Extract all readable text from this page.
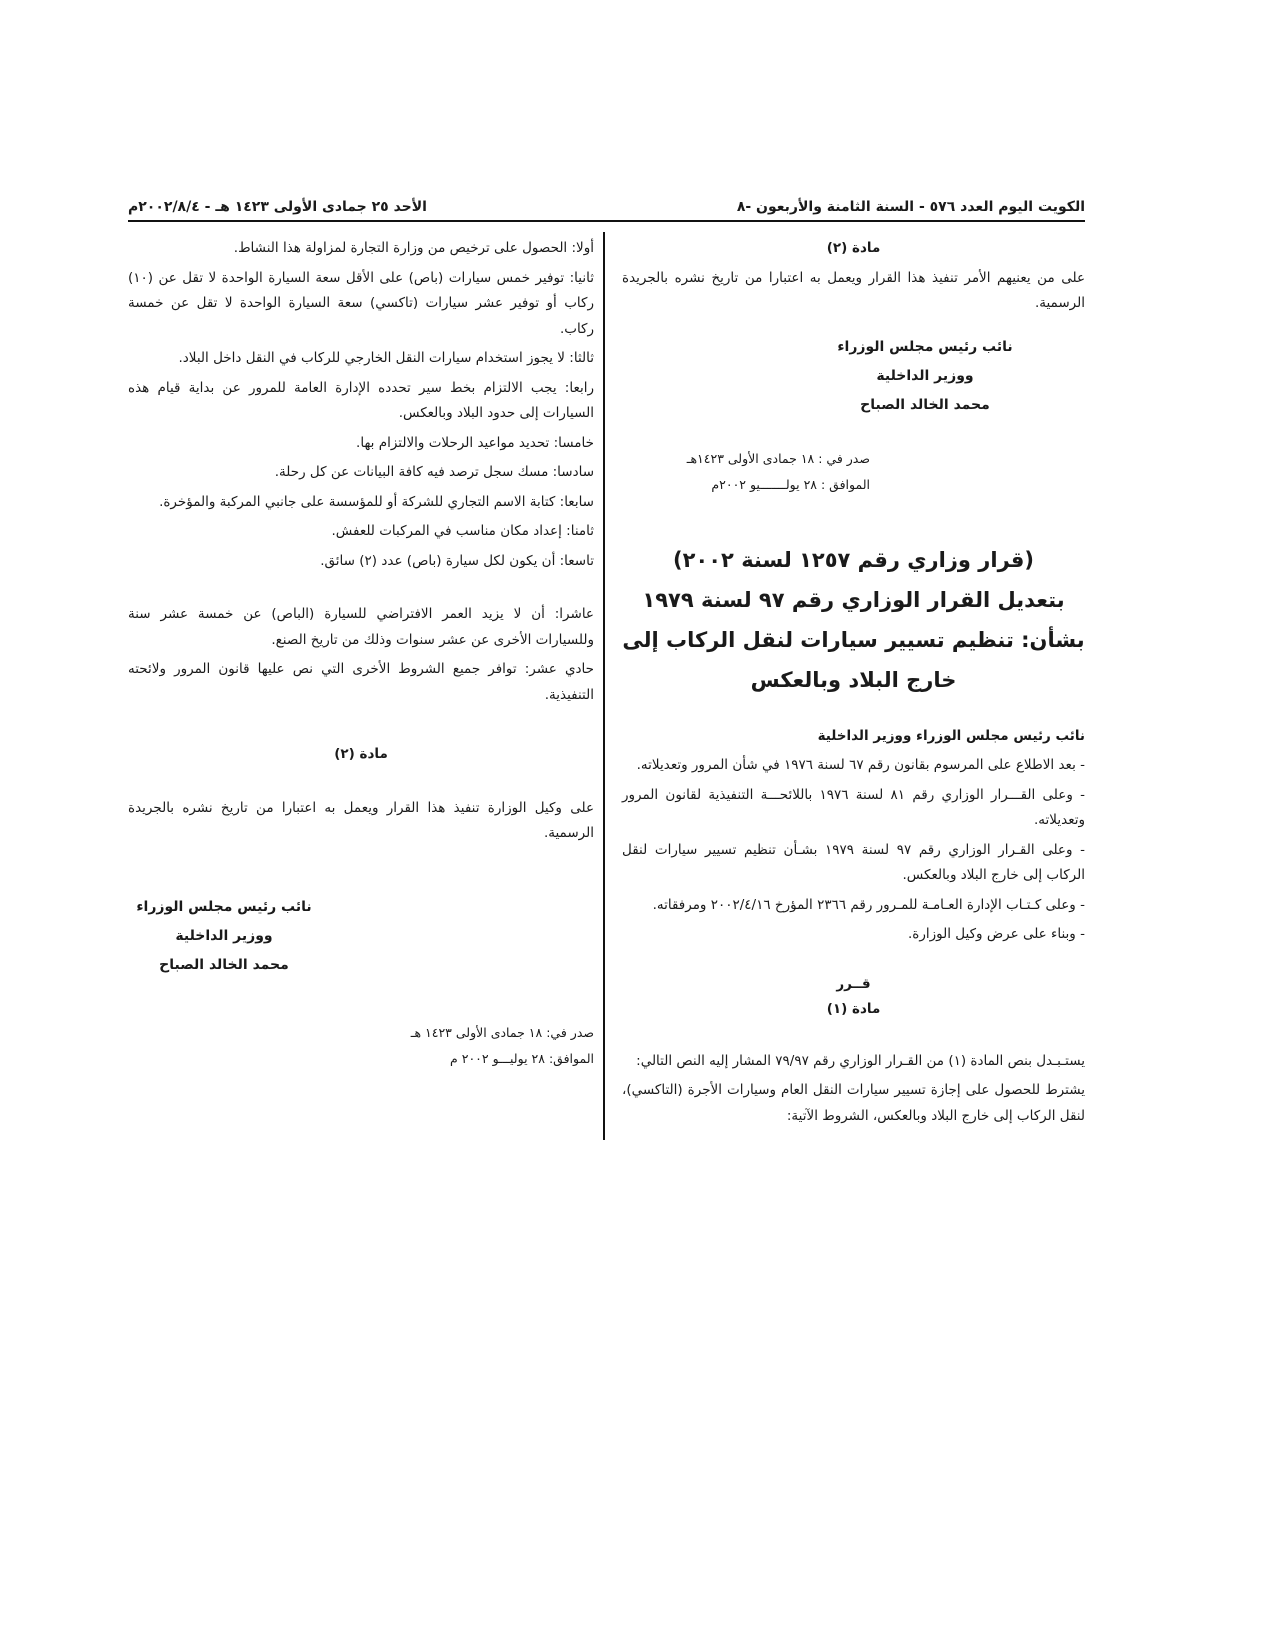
الكويت اليوم العدد ٥٧٦ - السنة الثامنة والأربعون -٨
الأحد ٢٥ جمادى الأولى ١٤٢٣ هـ - ٢٠٠٢/٨/٤م

مادة (٢)

على من يعنيهم الأمر تنفيذ هذا القرار ويعمل به اعتبارا من تاريخ نشره بالجريدة الرسمية.

نائب رئيس مجلس الوزراء

ووزير الداخلية

محمد الخالد الصباح

صدر في : ١٨ جمادى الأولى ١٤٢٣هـ

الموافق : ٢٨ يولـــــــيو ٢٠٠٢م

(قرار وزاري رقم ١٢٥٧ لسنة ٢٠٠٢)

بتعديل القرار الوزاري رقم ٩٧ لسنة ١٩٧٩

بشأن: تنظيم تسيير سيارات لنقل الركاب إلى

خارج البلاد وبالعكس

نائب رئيس مجلس الوزراء ووزير الداخلية

- بعد الاطلاع على المرسوم بقانون رقم ٦٧ لسنة ١٩٧٦ في شأن المرور وتعديلاته.

- وعلى القـــرار الوزاري رقم ٨١ لسنة ١٩٧٦ باللائحـــة التنفيذية لقانون المرور وتعديلاته.

- وعلى القـرار الوزاري رقم ٩٧ لسنة ١٩٧٩ بشـأن تنظيم تسيير سيارات لنقل الركاب إلى خارج البلاد وبالعكس.

- وعلى كـتـاب الإدارة العـامـة للمـرور رقم ٢٣٦٦ المؤرخ ٢٠٠٢/٤/١٦ ومرفقاته.

- وبناء على عرض وكيل الوزارة.

قــرر

مادة (١)

يستـبـدل بنص المادة (١) من القـرار الوزاري رقم ٧٩/٩٧ المشار إليه النص التالي:

يشترط للحصول على إجازة تسيير سيارات النقل العام وسيارات الأجرة (التاكسي)، لنقل الركاب إلى خارج البلاد وبالعكس، الشروط الآتية:

أولا: الحصول على ترخيص من وزارة التجارة لمزاولة هذا النشاط.

ثانيا: توفير خمس سيارات (باص) على الأقل سعة السيارة الواحدة لا تقل عن (١٠) ركاب أو توفير عشر سيارات (تاكسي) سعة السيارة الواحدة لا تقل عن خمسة ركاب.

ثالثا: لا يجوز استخدام سيارات النقل الخارجي للركاب في النقل داخل البلاد.

رابعا: يجب الالتزام بخط سير تحدده الإدارة العامة للمرور عن بداية قيام هذه السيارات إلى حدود البلاد وبالعكس.

خامسا: تحديد مواعيد الرحلات والالتزام بها.

سادسا: مسك سجل ترصد فيه كافة البيانات عن كل رحلة.

سابعا: كتابة الاسم التجاري للشركة أو للمؤسسة على جانبي المركبة والمؤخرة.

ثامنا: إعداد مكان مناسب في المركبات للعفش.

تاسعا: أن يكون لكل سيارة (باص) عدد (٢) سائق.

عاشرا: أن لا يزيد العمر الافتراضي للسيارة (الباص) عن خمسة عشر سنة وللسيارات الأخرى عن عشر سنوات وذلك من تاريخ الصنع.

حادي عشر: توافر جميع الشروط الأخرى التي نص عليها قانون المرور ولائحته التنفيذية.

مادة (٢)

على وكيل الوزارة تنفيذ هذا القرار ويعمل به اعتبارا من تاريخ نشره بالجريدة الرسمية.

نائب رئيس مجلس الوزراء

ووزير الداخلية

محمد الخالد الصباح

صدر في: ١٨ جمادى الأولى ١٤٢٣ هـ

الموافق: ٢٨ يوليـــو ٢٠٠٢ م
